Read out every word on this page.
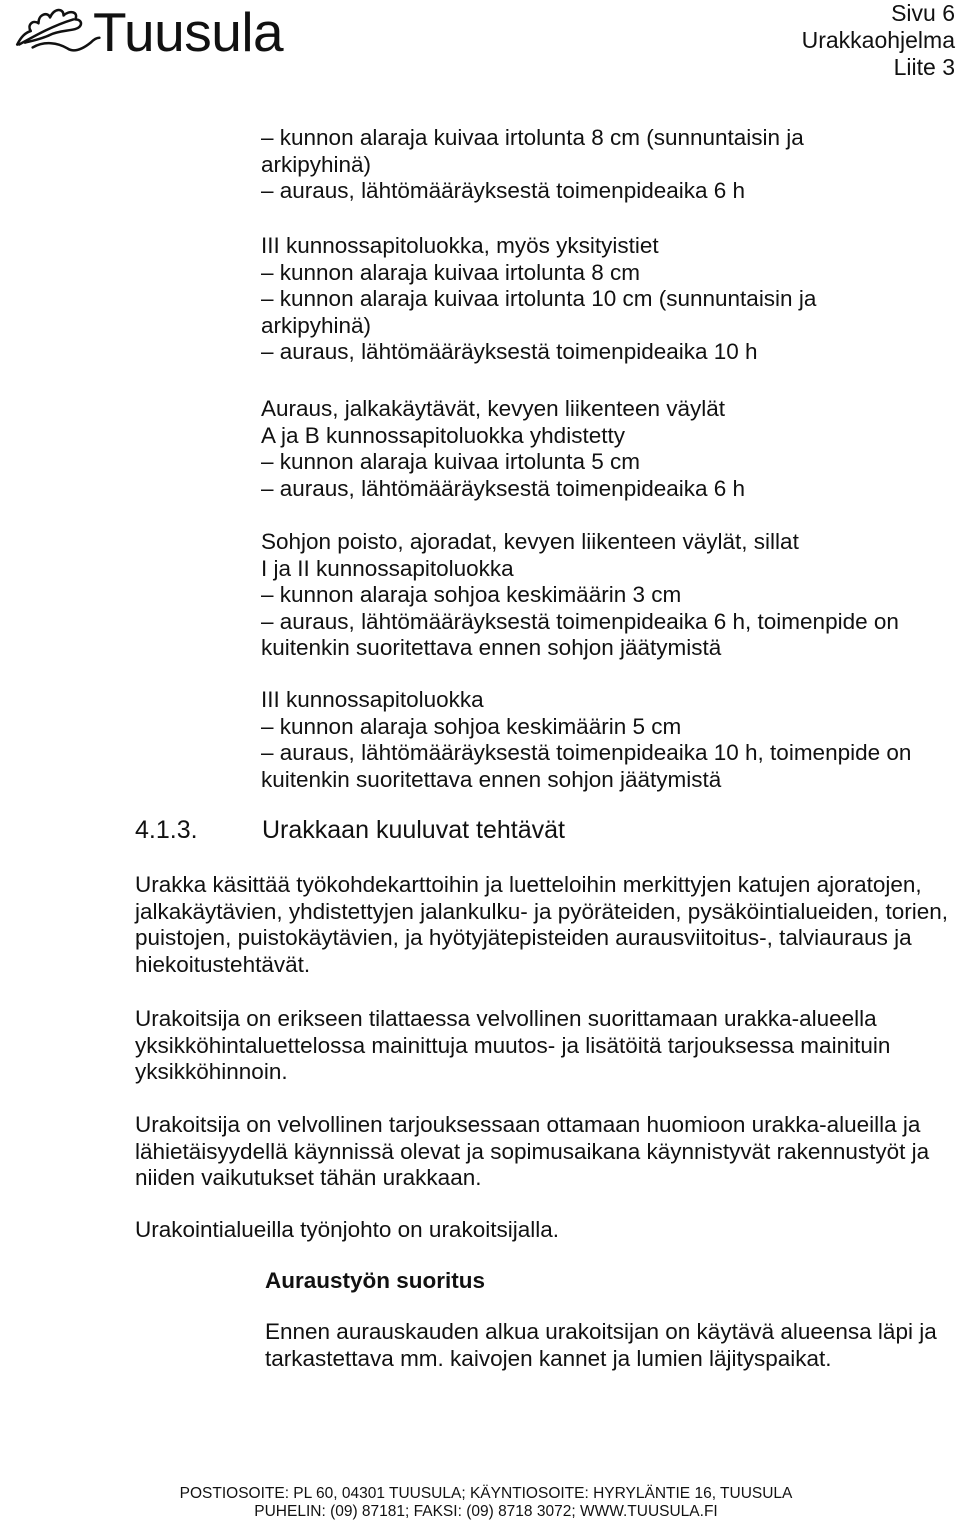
Tuusula	Sivu 6
Urakkaohjelma
Liite 3
– kunnon alaraja kuivaa irtolunta 8 cm (sunnuntaisin ja
arkipyhinä)
– auraus, lähtömääräyksestä toimenpideaika 6 h
III kunnossapitoluokka, myös yksityistiet
– kunnon alaraja kuivaa irtolunta 8 cm
– kunnon alaraja kuivaa irtolunta 10 cm (sunnuntaisin ja
arkipyhinä)
– auraus, lähtömääräyksestä toimenpideaika 10 h
Auraus, jalkakäytävät, kevyen liikenteen väylät
A ja B kunnossapitoluokka yhdistetty
– kunnon alaraja kuivaa irtolunta 5 cm
– auraus, lähtömääräyksestä toimenpideaika 6 h
Sohjon poisto, ajoradat, kevyen liikenteen väylät, sillat
I ja II kunnossapitoluokka
– kunnon alaraja sohjoa keskimäärin 3 cm
– auraus, lähtömääräyksestä toimenpideaika 6 h, toimenpide on
kuitenkin suoritettava ennen sohjon jäätymistä
III kunnossapitoluokka
– kunnon alaraja sohjoa keskimäärin 5 cm
– auraus, lähtömääräyksestä toimenpideaika 10 h, toimenpide on
kuitenkin suoritettava ennen sohjon jäätymistä
4.1.3.	Urakkaan kuuluvat tehtävät
Urakka käsittää työkohdekarttoihin ja luetteloihin merkittyjen katujen ajoratojen,
jalkakäytävien, yhdistettyjen jalankulku- ja pyöräteiden, pysäköintialueiden, torien,
puistojen, puistokäytävien, ja hyötyjätepisteiden aurausviitoitus-, talviauraus ja
hiekoitustehtävät.
Urakoitsija on erikseen tilattaessa velvollinen suorittamaan urakka-alueella
yksikköhintaluettelossa mainittuja muutos- ja lisätöitä tarjouksessa mainituin
yksikköhinnoin.
Urakoitsija on velvollinen tarjouksessaan ottamaan huomioon urakka-alueilla ja
lähietäisyydellä käynnissä olevat ja sopimusaikana käynnistyvät rakennustyöt ja
niiden vaikutukset tähän urakkaan.
Urakointialueilla työnjohto on urakoitsijalla.
Auraustyön suoritus
Ennen aurauskauden alkua urakoitsijan on käytävä alueensa läpi ja
tarkastettava mm. kaivojen kannet ja lumien läjityspaikat.
POSTIOSOITE: PL 60, 04301 TUUSULA; KÄYNTIOSOITE: HYRYLÄNTIE 16, TUUSULA
PUHELIN: (09) 87181; FAKSI: (09) 8718 3072; WWW.TUUSULA.FI
